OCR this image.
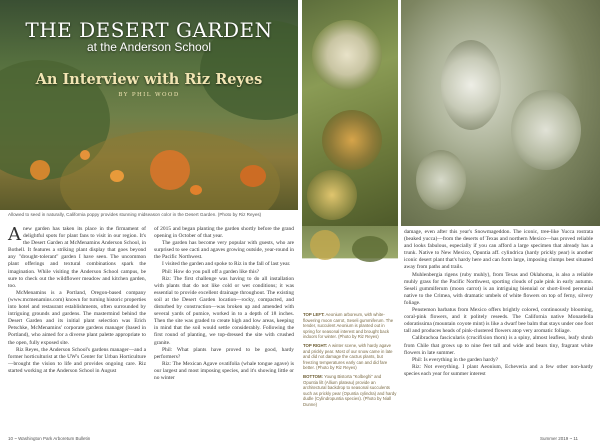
THE DESERT GARDEN
at the Anderson School
An Interview with Riz Reyes
BY PHIL WOOD
Allowed to seed in naturally, California poppy provides stunning midseason color in the Desert Garden. (Photo by Riz Reyes)

Anew garden has taken its place in the firmament of delightful spots for plant fans to visit in our region. It's the Desert Garden at McMenamins Anderson School, in Bothell. It features a striking plant display that goes beyond any "drought-tolerant" garden I have seen. The uncommon plant offerings and textural combinations spark the imagination. While visiting the Anderson School campus, be sure to check out the wildflower meadow and kitchen garden, too.

McMenamins is a Portland, Oregon-based company (www.mcmenamins.com) known for turning historic properties into hotel and restaurant establishments, often surrounded by intriguing grounds and gardens. The mastermind behind the Desert Garden and its initial plant selection was Erich Petschke, McMenamins' corporate gardens manager (based in Portland), who aimed for a diverse plant palette appropriate to the open, fully exposed site.

Riz Reyes, the Anderson School's gardens manager—and a former horticulturist at the UW's Center for Urban Horticulture—brought the vision to life and provides ongoing care. Riz started working at the Anderson School in August

of 2015 and began planting the garden shortly before the grand opening in October of that year.

The garden has become very popular with guests, who are surprised to see cacti and agaves growing outside, year-round in the Pacific Northwest.

I visited the garden and spoke to Riz in the fall of last year.

Phil: How do you pull off a garden like this?

Riz: The first challenge was having to do all installation with plants that do not like cold or wet conditions; it was essential to provide excellent drainage throughout. The existing soil at the Desert Garden location—rocky, compacted, and disturbed by construction—was broken up and amended with several yards of pumice, worked in to a depth of 18 inches. Then the site was graded to create high and low areas, keeping in mind that the soil would settle considerably. Following the first round of planting, we top-dressed the site with crushed granite.

Phil: What plants have proved to be good, hardy performers?

Riz: The Mexican Agave ovatifolia (whale tongue agave) is our largest and most imposing species, and it's showing little or no winter

10 ~ Washington Park Arboretum Bulletin
TOP LEFT: Aeonium arboreum, with white-flowering moon carrot, Seseli gummiferum. The tender, succulent Aeonium is planted out in spring for seasonal interest and brought back indoors for winter. (Photo by Riz Reyes)
TOP RIGHT: A winter scene, with hardy agave and prickly pear. Most of our snow came in late and did not damage the cactus plants, but freezing temperatures early can and did fare better. (Photo by Riz Reyes)
BOTTOM: Young Bistorta "Kolbeghi" and Opuntia lilt (Allium plateau) provide an architectural backdrop to seasonal succulents such as prickly pear (Opuntia cylindra) and hardy dudle (Cylindropuntia species). (Photo by Niall Dunne)

damage, even after this year's Snowmageddon. The iconic, tree-like Yucca rostrata (beaked yucca)—from the deserts of Texas and northern Mexico—has proved reliable and looks fabulous, especially if you can afford a large specimen that already has a trunk. Native to New Mexico, Opuntia aff. cylindrica (hardy prickly pear) is another iconic desert plant that's hardy here and can form large, imposing clumps best situated away from paths and trails.

Muhlenbergia rigens (ruby muhly), from Texas and Oklahoma, is also a reliable muhly grass for the Pacific Northwest, sporting clouds of pale pink in early autumn. Seseli gummiferum (moon carrot) is an intriguing biennial or short-lived perennial native to the Crimea, with dramatic umbels of white flowers on top of ferny, silvery foliage.

Penstemon barbatus from Mexico offers brightly colored, continuously blooming, coral-pink flowers, and it politely reseeds. The California native Monardella odoratissima (mountain coyote mint) is like a dwarf bee balm that stays under one foot tall and produces heads of pink-clustered flowers atop very aromatic foliage.

Calibrachoa fascicularis (crucifixion thorn) is a spiny, almost leafless, leafy shrub from Chile that grows up to nine feet tall and wide and bears tiny, fragrant white flowers in late summer.

Phil: Is everything in the garden hardy?

Riz: Not everything. I plant Aeonium, Echeveria and a few other non-hardy species each year for summer interest

Summer 2019 ~ 11
